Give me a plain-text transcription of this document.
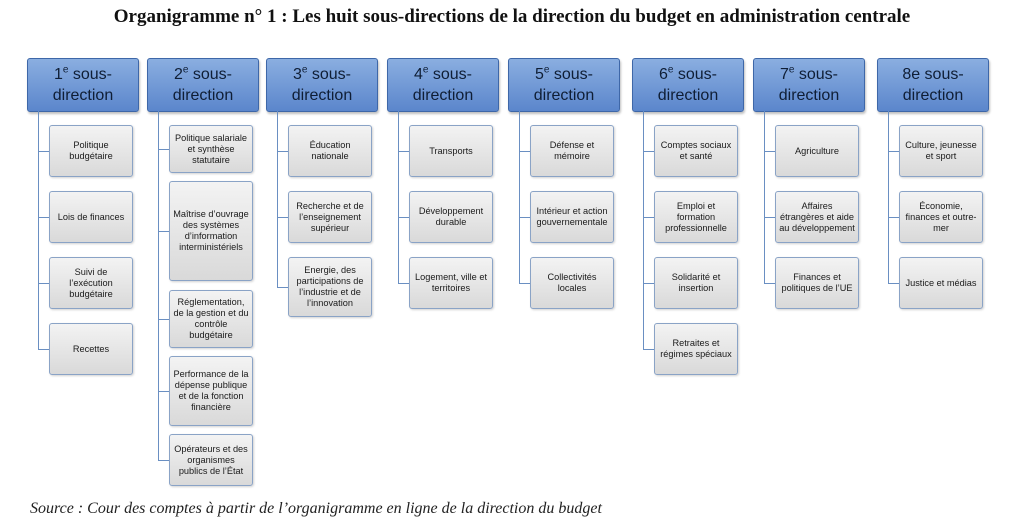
Organigramme n° 1 : Les huit sous-directions de la direction du budget en administration centrale
1e sous-
direction
Politique budgétaire
Lois de finances
Suivi de l’exécution budgétaire
Recettes
2e sous-
direction
Politique salariale et synthèse statutaire
Maîtrise d’ouvrage des systèmes d’information interministériels
Réglementation, de la gestion et du contrôle budgétaire
Performance de la dépense publique et de la fonction financière
Opérateurs et des organismes publics de l’État
3e sous-
direction
Éducation nationale
Recherche et de l’enseignement supérieur
Energie, des participations de l’industrie et de l’innovation
4e sous-
direction
Transports
Développement durable
Logement, ville et territoires
5e sous-
direction
Défense et mémoire
Intérieur et action gouvernementale
Collectivités locales
6e sous-
direction
Comptes sociaux et santé
Emploi et formation professionnelle
Solidarité et insertion
Retraites et régimes spéciaux
7e sous-
direction
Agriculture
Affaires étrangères et aide au développement
Finances et politiques de l’UE
8e sous-
direction
Culture, jeunesse et sport
Économie, finances et outre-mer
Justice et médias
Source : Cour des comptes à partir de l’organigramme en ligne de la direction du budget
